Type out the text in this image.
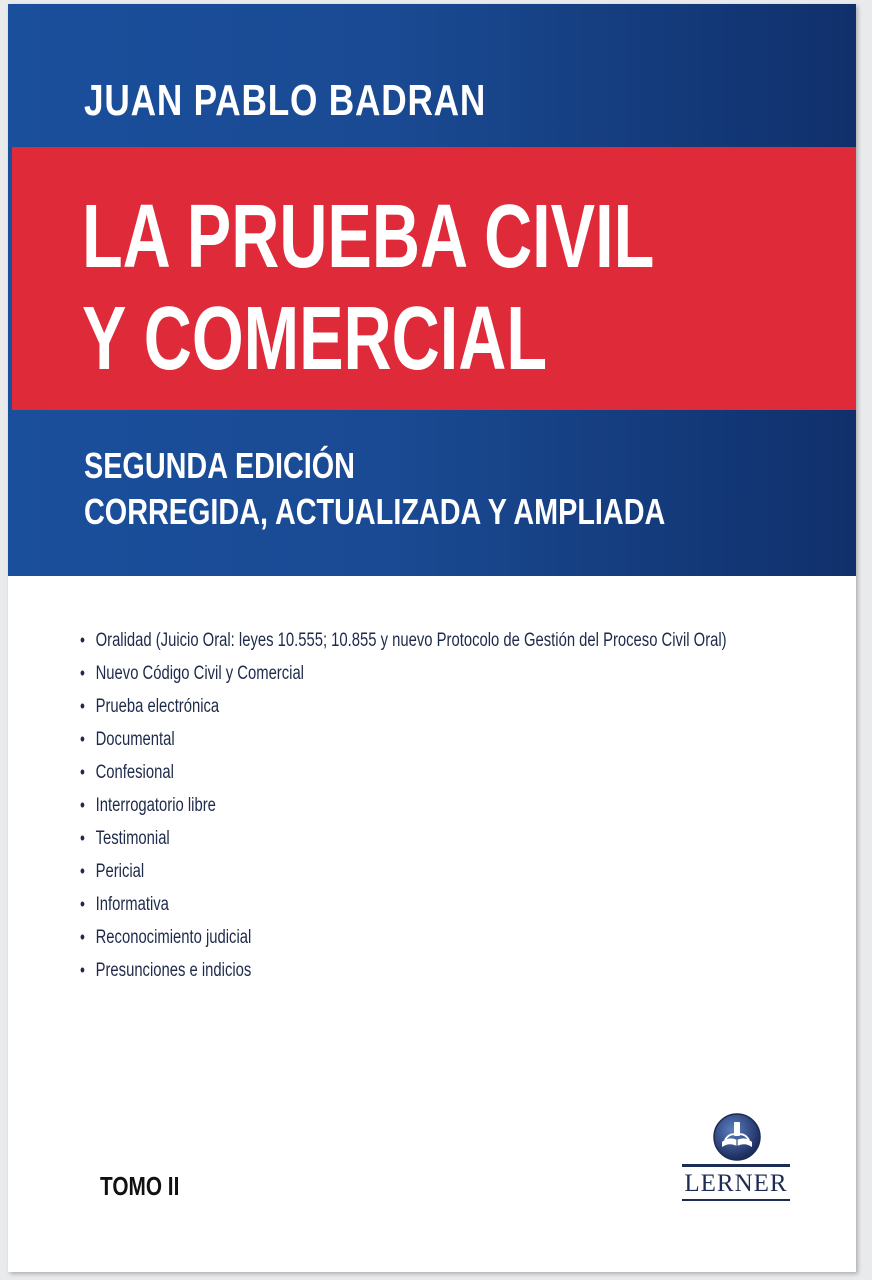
JUAN PABLO BADRAN
SEGUNDA EDICIÓN
CORREGIDA, ACTUALIZADA Y AMPLIADA
LA PRUEBA CIVIL
Y COMERCIAL
• Oralidad (Juicio Oral: leyes 10.555; 10.855 y nuevo Protocolo de Gestión del Proceso Civil Oral)
• Nuevo Código Civil y Comercial
• Prueba electrónica
• Documental
• Confesional
• Interrogatorio libre
• Testimonial
• Pericial
• Informativa
• Reconocimiento judicial
• Presunciones e indicios
TOMO II	LERNER
